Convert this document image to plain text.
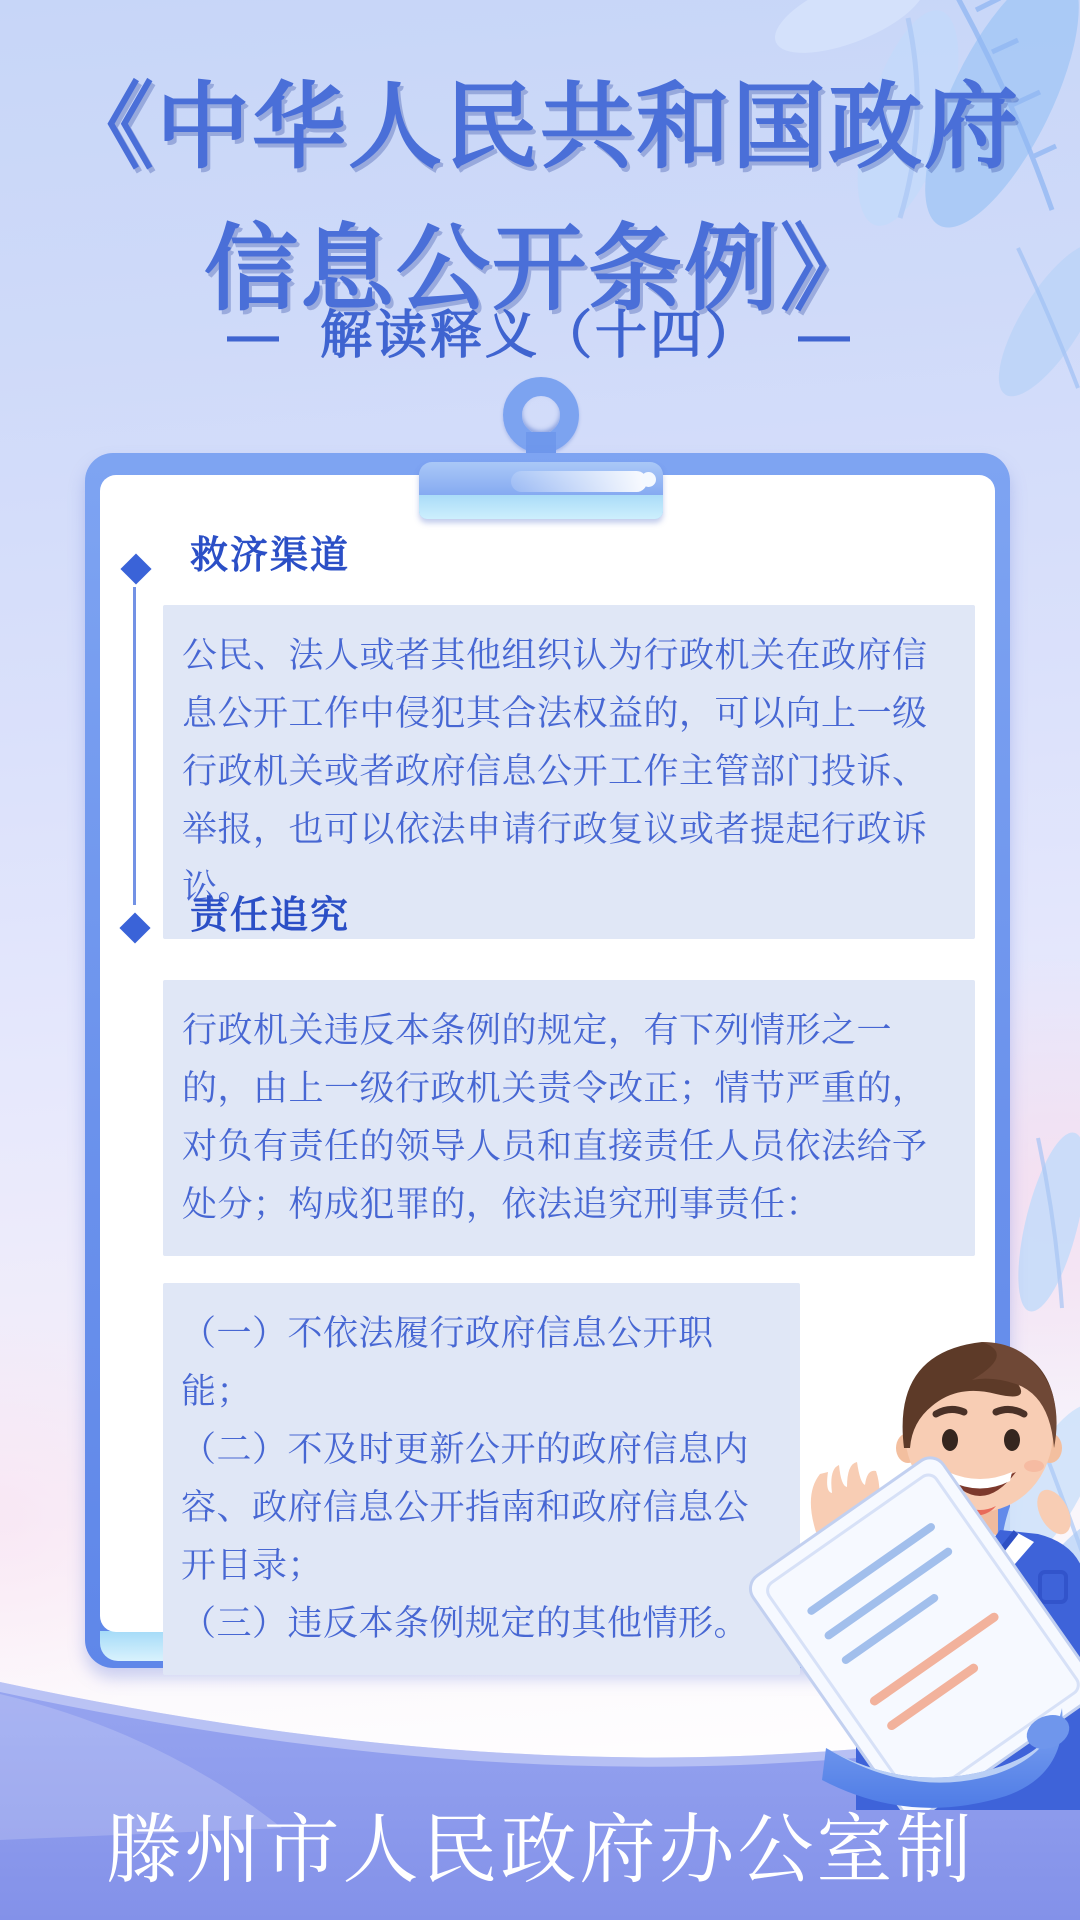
《中华人民共和国政府
信息公开条例》
— 解读释义（十四） —
救济渠道
公民、法人或者其他组织认为行政机关在政府信息公开工作中侵犯其合法权益的，可以向上一级行政机关或者政府信息公开工作主管部门投诉、举报，也可以依法申请行政复议或者提起行政诉讼。
责任追究
行政机关违反本条例的规定，有下列情形之一的，由上一级行政机关责令改正；情节严重的，对负有责任的领导人员和直接责任人员依法给予处分；构成犯罪的，依法追究刑事责任：

（一）不依法履行政府信息公开职能；

（二）不及时更新公开的政府信息内容、政府信息公开指南和政府信息公开目录；

（三）违反本条例规定的其他情形。

滕州市人民政府办公室制
